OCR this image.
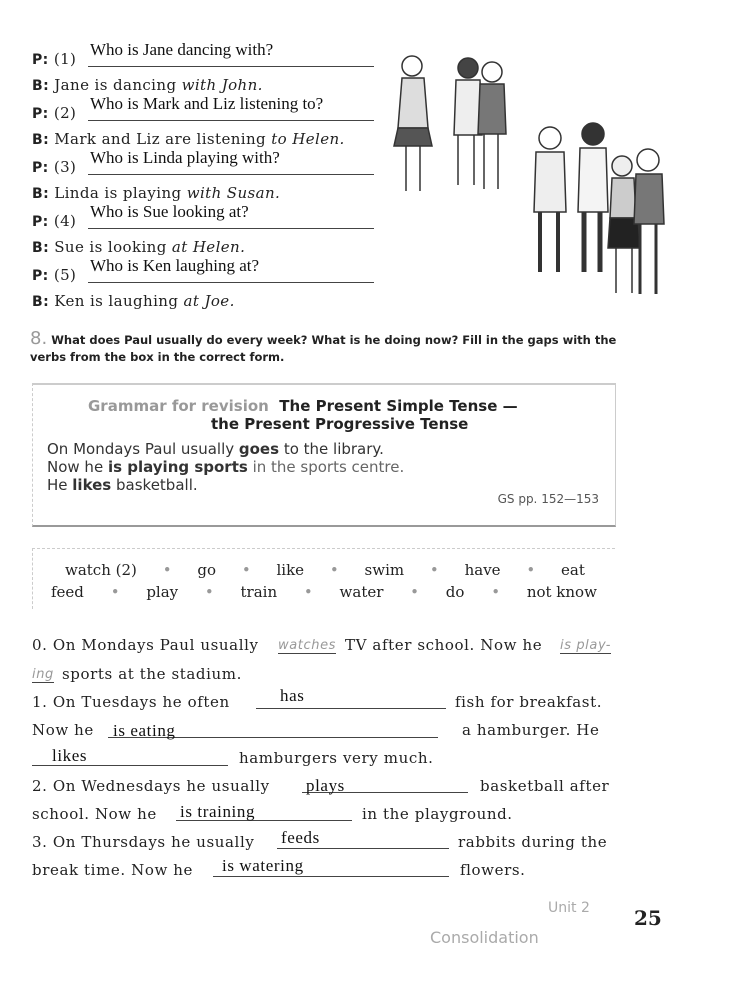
P: (1) Who is Jane dancing with?
B: Jane is dancing with John.
P: (2) Who is Mark and Liz listening to?
B: Mark and Liz are listening to Helen.
P: (3) Who is Linda playing with?
B: Linda is playing with Susan.
P: (4) Who is Sue looking at?
B: Sue is looking at Helen.
P: (5) Who is Ken laughing at?
B: Ken is laughing at Joe.
8. What does Paul usually do every week? What is he doing now? Fill in the gaps with the verbs from the box in the correct form.
Grammar for revision The Present Simple Tense —
the Present Progressive Tense
On Mondays Paul usually goes to the library.
Now he is playing sports in the sports centre.
He likes basketball.
GS pp. 152—153
watch (2) • go • like • swim • have • eat
feed • play • train • water • do • not know
0. On Mondays Paul usually watches TV after school. Now he is play-
ing sports at the stadium.
1. On Tuesdays he often	has	fish for breakfast.
Now he is eating	a hamburger. He
likes	hamburgers very much.
2. On Wednesdays he usually plays	basketball after
school. Now he is training	in the playground.
3. On Thursdays he usually feeds	rabbits during the
break time. Now he is watering	flowers.
Unit 2
Consolidation
25
